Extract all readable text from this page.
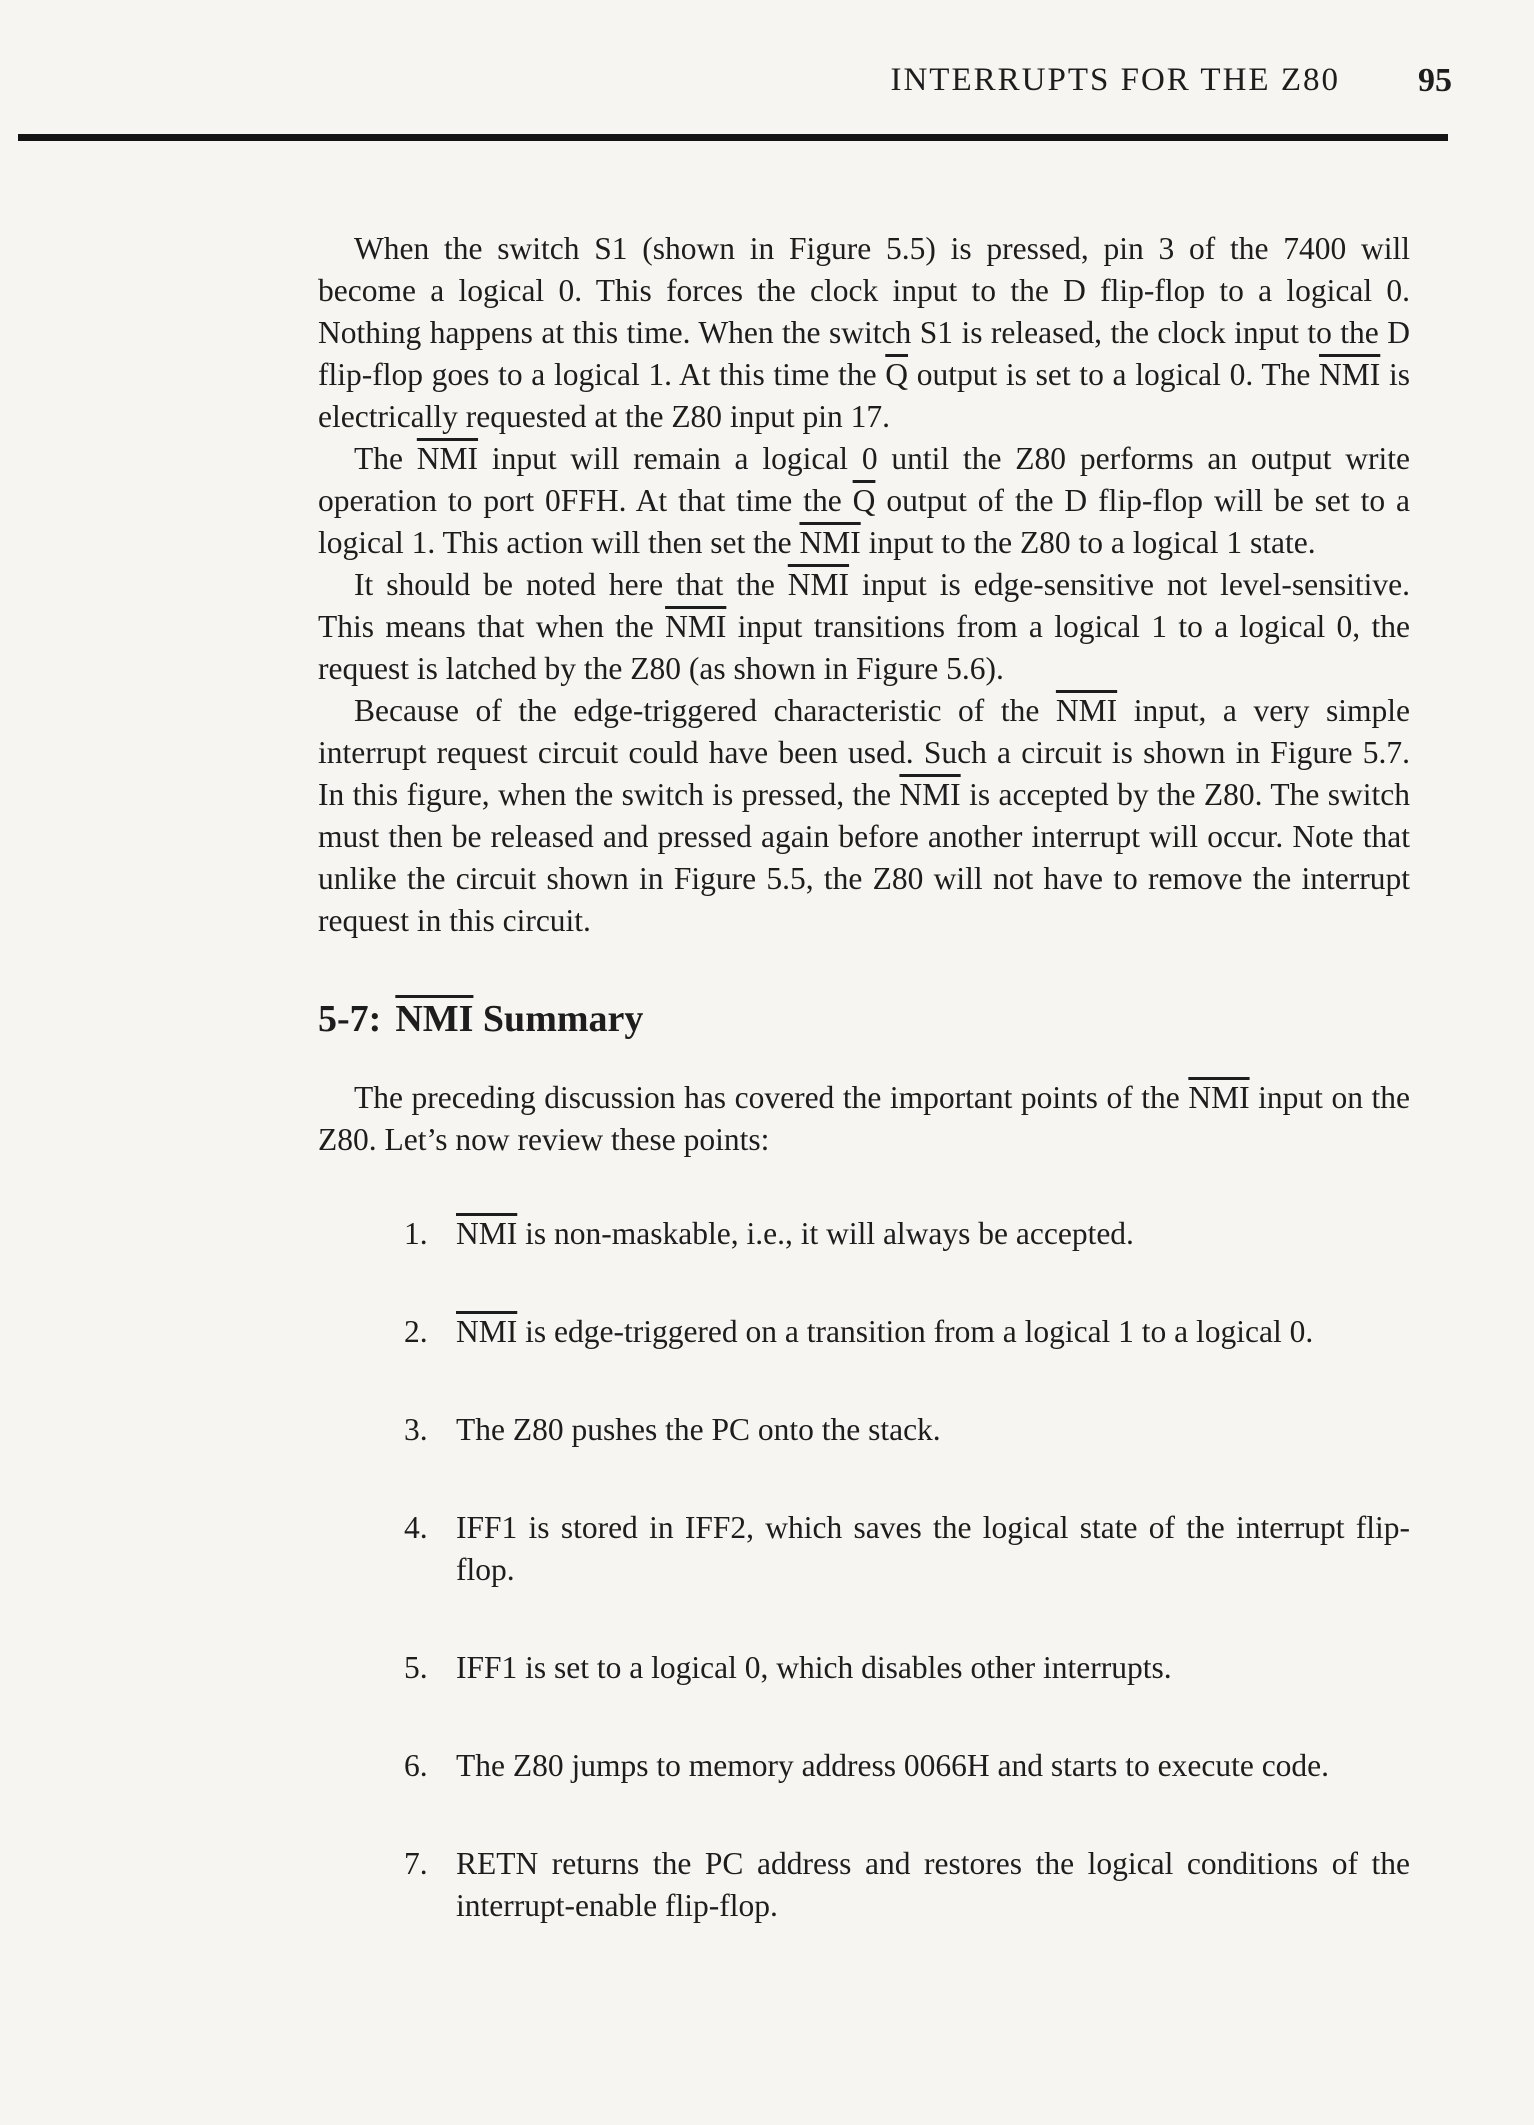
INTERRUPTS FOR THE Z80 95

When the switch S1 (shown in Figure 5.5) is pressed, pin 3 of the 7400 will become a logical 0. This forces the clock input to the D flip-flop to a logical 0. Nothing happens at this time. When the switch S1 is released, the clock input to the D flip-flop goes to a logical 1. At this time the $\overline{Q}$ output is set to a logical 0. The $\overline{NMI}$ is electrically requested at the Z80 input pin 17.

The $\overline{NMI}$ input will remain a logical 0 until the Z80 performs an output write operation to port 0FFH. At that time the $\overline{Q}$ output of the D flip-flop will be set to a logical 1. This action will then set the $\overline{NMI}$ input to the Z80 to a logical 1 state.

It should be noted here that the $\overline{NMI}$ input is edge-sensitive not level-sensitive. This means that when the $\overline{NMI}$ input transitions from a logical 1 to a logical 0, the request is latched by the Z80 (as shown in Figure 5.6).

Because of the edge-triggered characteristic of the $\overline{NMI}$ input, a very simple interrupt request circuit could have been used. Such a circuit is shown in Figure 5.7. In this figure, when the switch is pressed, the $\overline{NMI}$ is accepted by the Z80. The switch must then be released and pressed again before another interrupt will occur. Note that unlike the circuit shown in Figure 5.5, the Z80 will not have to remove the interrupt request in this circuit.

5-7: NMI Summary

The preceding discussion has covered the important points of the $\overline{NMI}$ input on the Z80. Let’s now review these points:

1. $\overline{NMI}$ is non-maskable, i.e., it will always be accepted.
2. $\overline{NMI}$ is edge-triggered on a transition from a logical 1 to a logical 0.
3. The Z80 pushes the PC onto the stack.
4. IFF1 is stored in IFF2, which saves the logical state of the interrupt flip-flop.
5. IFF1 is set to a logical 0, which disables other interrupts.
6. The Z80 jumps to memory address 0066H and starts to execute code.
7. RETN returns the PC address and restores the logical conditions of the interrupt-enable flip-flop.
